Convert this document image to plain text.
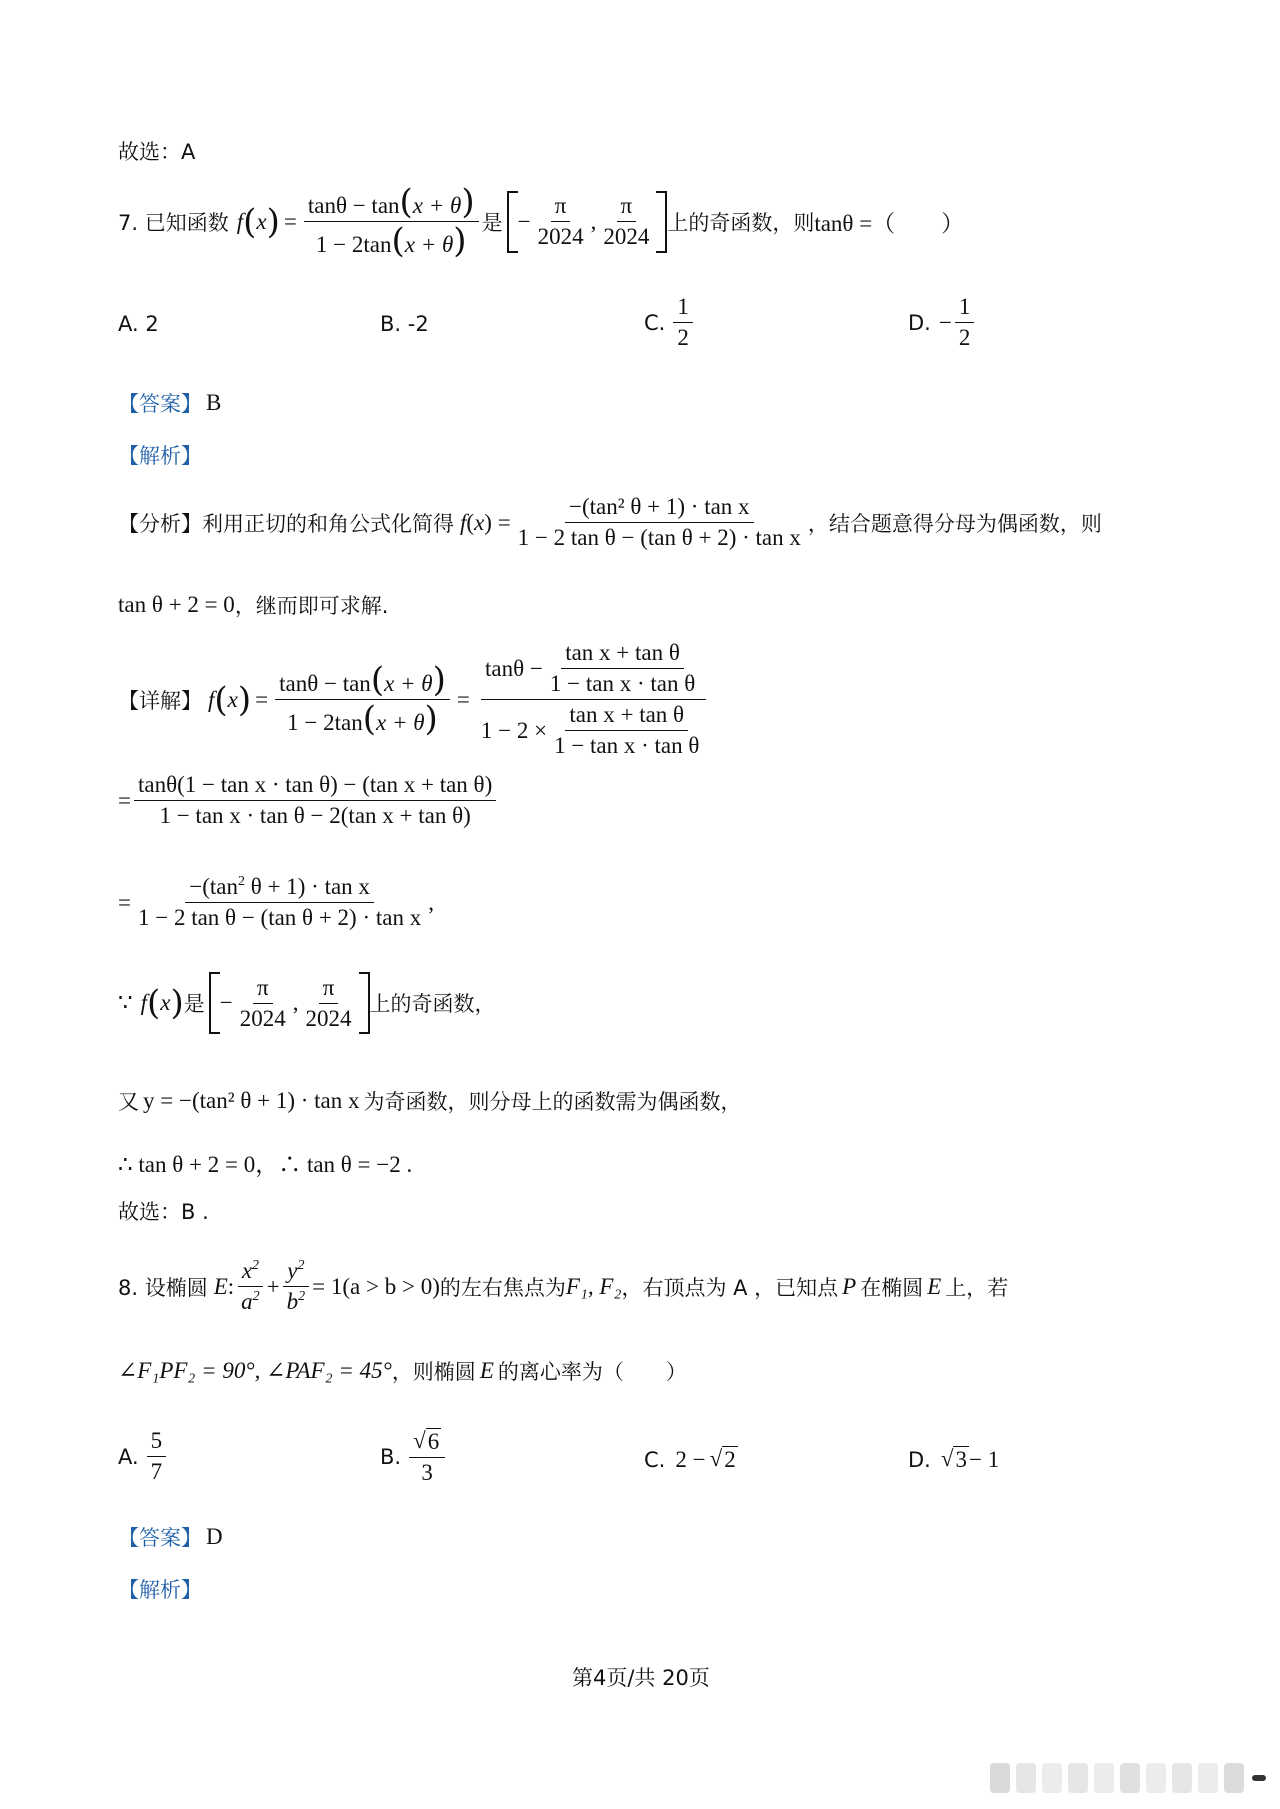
故选：A
7. 已知函数 f ( x ) = $\frac{\tan\theta - \tan(x + \theta)}{1 - 2\tan(x + \theta)}$ 是 − $\frac{\pi}{2024}$ , $\frac{\pi}{2024}$ 上的奇函数，则 tanθ =（　　）
A. 2	B. -2	C. $\frac{1}{2}$	D. − $\frac{1}{2}$
【答案】 B
【解析】
【分析】 利用正切的和角公式化简得 f ( x ) = $\frac{\text{−(tan² θ + 1) · tan x}}{\text{1 − 2 tan θ − (tan θ + 2) · tan x}}$ ，结合题意得分母为偶函数，则
tan θ + 2 = 0 ，继而即可求解.
【详解】 f ( x ) = $\frac{\tan\theta - \tan(x + \theta)}{1 - 2\tan(x + \theta)} = \frac{\tan\theta - \frac{\text{tan x + tan θ}}{\text{1 − tan x · tan θ}}}{1 - 2 \times \frac{\text{tan x + tan θ}}{\text{1 − tan x · tan θ}}}$
= $\frac{\text{tanθ(1 − tan x · tan θ) − (tan x + tan θ)}}{\text{1 − tan x · tan θ − 2(tan x + tan θ)}}$
= $\frac{-(\tan^2 \theta + 1) \cdot \tan x}{\text{1 − 2 tan θ − (tan θ + 2) · tan x}}$ ,
∵ f ( x ) 是 − $\frac{\pi}{2024}$ , $\frac{\pi}{2024}$ 上的奇函数，
又 y = −(tan² θ + 1) · tan x 为奇函数，则分母上的函数需为偶函数，
∴ tan θ + 2 = 0，∴ tan θ = −2 .
故选：B .
8. 设椭圆 E : $\frac{x^2}{a^2} + \frac{y^2}{b^2} = 1(a > b > 0)$ 的左右焦点为 F₁, F₂ ，右顶点为 A ，已知点 P 在椭圆 E 上，若
∠F₁PF₂ = 90°, ∠PAF₂ = 45° ，则椭圆 E 的离心率为（　　）
A. $\frac{5}{7}$	B. $\frac{√ 6}{3}$	C. 2 − √ 2	D. √ 3 − 1
【答案】 D
【解析】
第4页/共 20页
